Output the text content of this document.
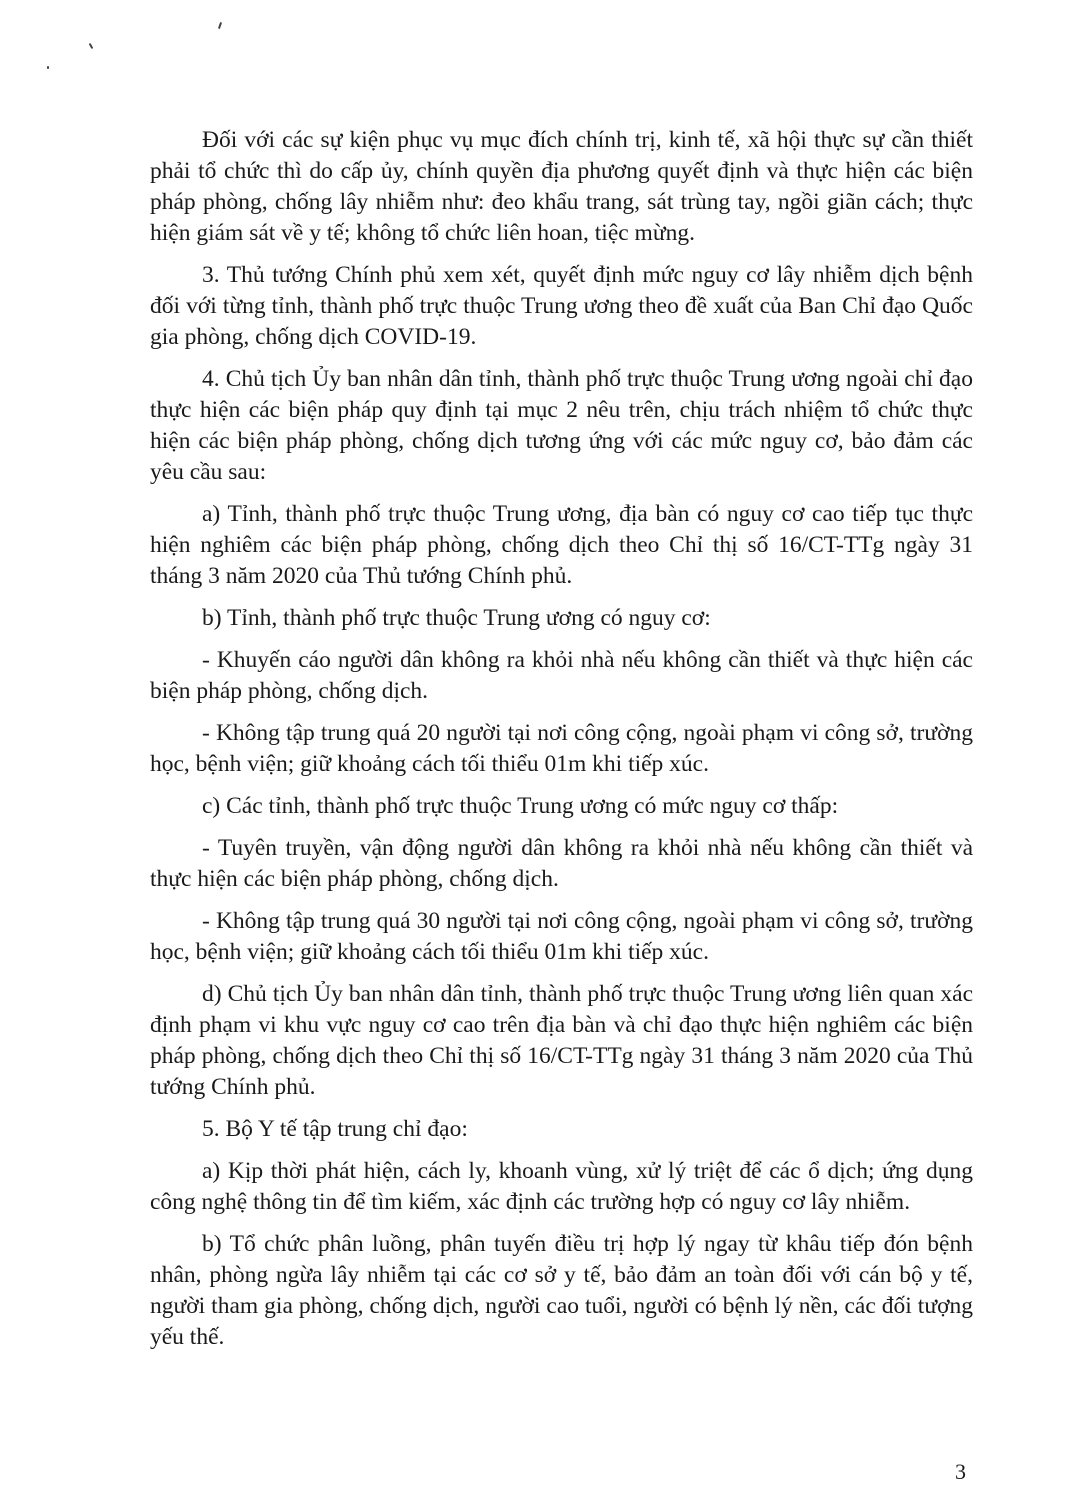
Đối với các sự kiện phục vụ mục đích chính trị, kinh tế, xã hội thực sự cần thiết phải tổ chức thì do cấp ủy, chính quyền địa phương quyết định và thực hiện các biện pháp phòng, chống lây nhiễm như: đeo khẩu trang, sát trùng tay, ngồi giãn cách; thực hiện giám sát về y tế; không tổ chức liên hoan, tiệc mừng.

3. Thủ tướng Chính phủ xem xét, quyết định mức nguy cơ lây nhiễm dịch bệnh đối với từng tỉnh, thành phố trực thuộc Trung ương theo đề xuất của Ban Chỉ đạo Quốc gia phòng, chống dịch COVID-19.

4. Chủ tịch Ủy ban nhân dân tỉnh, thành phố trực thuộc Trung ương ngoài chỉ đạo thực hiện các biện pháp quy định tại mục 2 nêu trên, chịu trách nhiệm tổ chức thực hiện các biện pháp phòng, chống dịch tương ứng với các mức nguy cơ, bảo đảm các yêu cầu sau:

a) Tỉnh, thành phố trực thuộc Trung ương, địa bàn có nguy cơ cao tiếp tục thực hiện nghiêm các biện pháp phòng, chống dịch theo Chỉ thị số 16/CT-TTg ngày 31 tháng 3 năm 2020 của Thủ tướng Chính phủ.

b) Tỉnh, thành phố trực thuộc Trung ương có nguy cơ:

- Khuyến cáo người dân không ra khỏi nhà nếu không cần thiết và thực hiện các biện pháp phòng, chống dịch.

- Không tập trung quá 20 người tại nơi công cộng, ngoài phạm vi công sở, trường học, bệnh viện; giữ khoảng cách tối thiểu 01m khi tiếp xúc.

c) Các tỉnh, thành phố trực thuộc Trung ương có mức nguy cơ thấp:

- Tuyên truyền, vận động người dân không ra khỏi nhà nếu không cần thiết và thực hiện các biện pháp phòng, chống dịch.

- Không tập trung quá 30 người tại nơi công cộng, ngoài phạm vi công sở, trường học, bệnh viện; giữ khoảng cách tối thiểu 01m khi tiếp xúc.

d) Chủ tịch Ủy ban nhân dân tỉnh, thành phố trực thuộc Trung ương liên quan xác định phạm vi khu vực nguy cơ cao trên địa bàn và chỉ đạo thực hiện nghiêm các biện pháp phòng, chống dịch theo Chỉ thị số 16/CT-TTg ngày 31 tháng 3 năm 2020 của Thủ tướng Chính phủ.

5. Bộ Y tế tập trung chỉ đạo:

a) Kịp thời phát hiện, cách ly, khoanh vùng, xử lý triệt để các ổ dịch; ứng dụng công nghệ thông tin để tìm kiếm, xác định các trường hợp có nguy cơ lây nhiễm.

b) Tổ chức phân luồng, phân tuyến điều trị hợp lý ngay từ khâu tiếp đón bệnh nhân, phòng ngừa lây nhiễm tại các cơ sở y tế, bảo đảm an toàn đối với cán bộ y tế, người tham gia phòng, chống dịch, người cao tuổi, người có bệnh lý nền, các đối tượng yếu thế.

3
